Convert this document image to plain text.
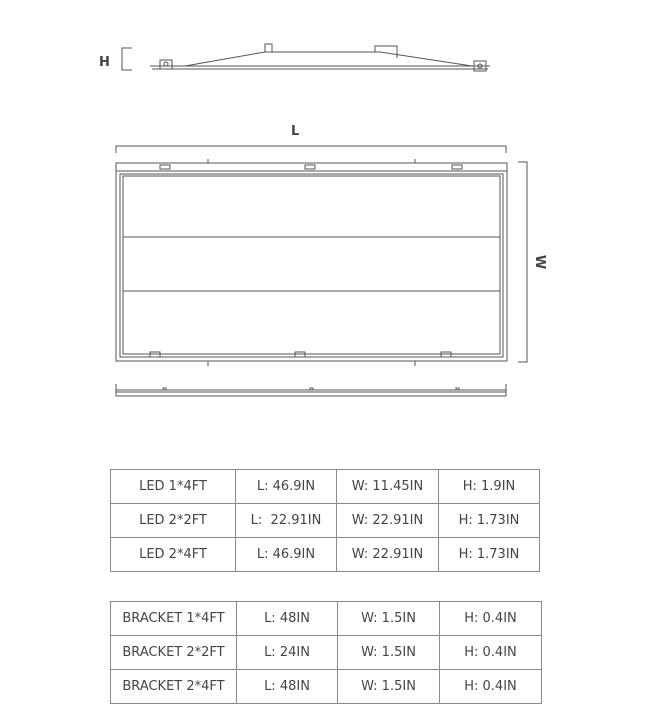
H
L
W
LED 1*4FT	L: 46.9IN	W: 11.45IN	H: 1.9IN
LED 2*2FT	L:  22.91IN	W: 22.91IN	H: 1.73IN
LED 2*4FT	L: 46.9IN	W: 22.91IN	H: 1.73IN
BRACKET 1*4FT	L: 48IN	W: 1.5IN	H: 0.4IN
BRACKET 2*2FT	L: 24IN	W: 1.5IN	H: 0.4IN
BRACKET 2*4FT	L: 48IN	W: 1.5IN	H: 0.4IN
